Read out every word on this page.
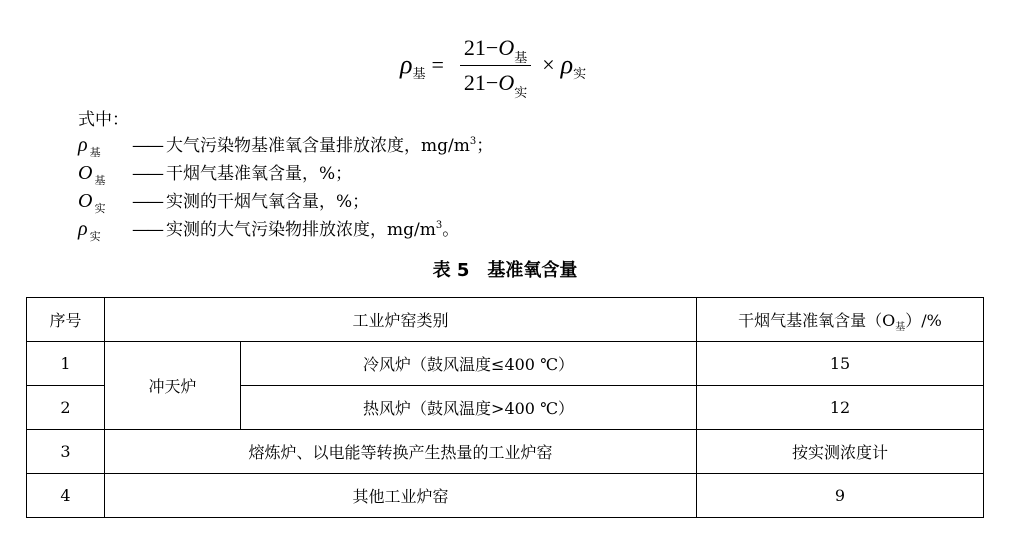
ρ 基 = $\frac{21-O_基}{21-O_实} \times \rho$ 实
式中：
ρ $_基$ —— 大气污染物基准氧含量排放浓度，$mg/m^3$；
O $_基$ —— 干烟气基准氧含量，%；
O $_实$ —— 实测的干烟气氧含量，%；
ρ $_实$ —— 实测的大气污染物排放浓度，$mg/m^3$。
表 5　基准氧含量
序号	工业炉窑类别		干烟气基准氧含量$(O_基)/\%$
1	冲天炉	冷风炉（鼓风温度≤400 ℃）	15
2		热风炉（鼓风温度>400 ℃）	12
3	熔炼炉、以电能等转换产生热量的工业炉窑		按实测浓度计
4	其他工业炉窑		9
